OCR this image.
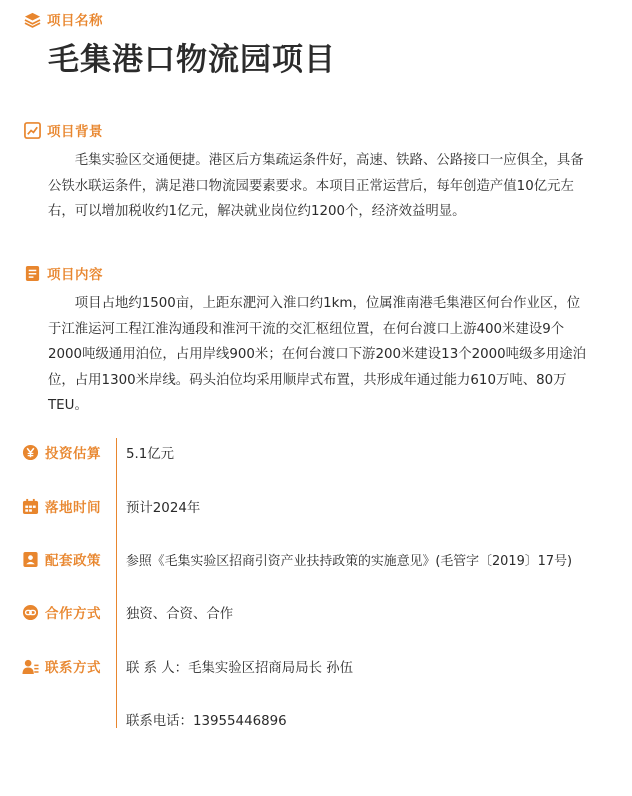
项目名称
毛集港口物流园项目
项目背景

毛集实验区交通便捷。港区后方集疏运条件好，高速、铁路、公路接口一应俱全，具备公铁水联运条件，满足港口物流园要素要求。本项目正常运营后，每年创造产值10亿元左右，可以增加税收约1亿元，解决就业岗位约1200个，经济效益明显。

项目内容

项目占地约1500亩，上距东淝河入淮口约1km，位属淮南港毛集港区何台作业区，位于江淮运河工程江淮沟通段和淮河干流的交汇枢纽位置，在何台渡口上游400米建设9个2000吨级通用泊位，占用岸线900米；在何台渡口下游200米建设13个2000吨级多用途泊位，占用1300米岸线。码头泊位均采用顺岸式布置，共形成年通过能力610万吨、80万TEU。

投资估算	5.1亿元
落地时间	预计2024年
配套政策	参照《毛集实验区招商引资产业扶持政策的实施意见》(毛管字〔2019〕17号)
合作方式	独资、合资、合作
联系方式	联 系 人：毛集实验区招商局局长 孙伍
联系电话：13955446896
